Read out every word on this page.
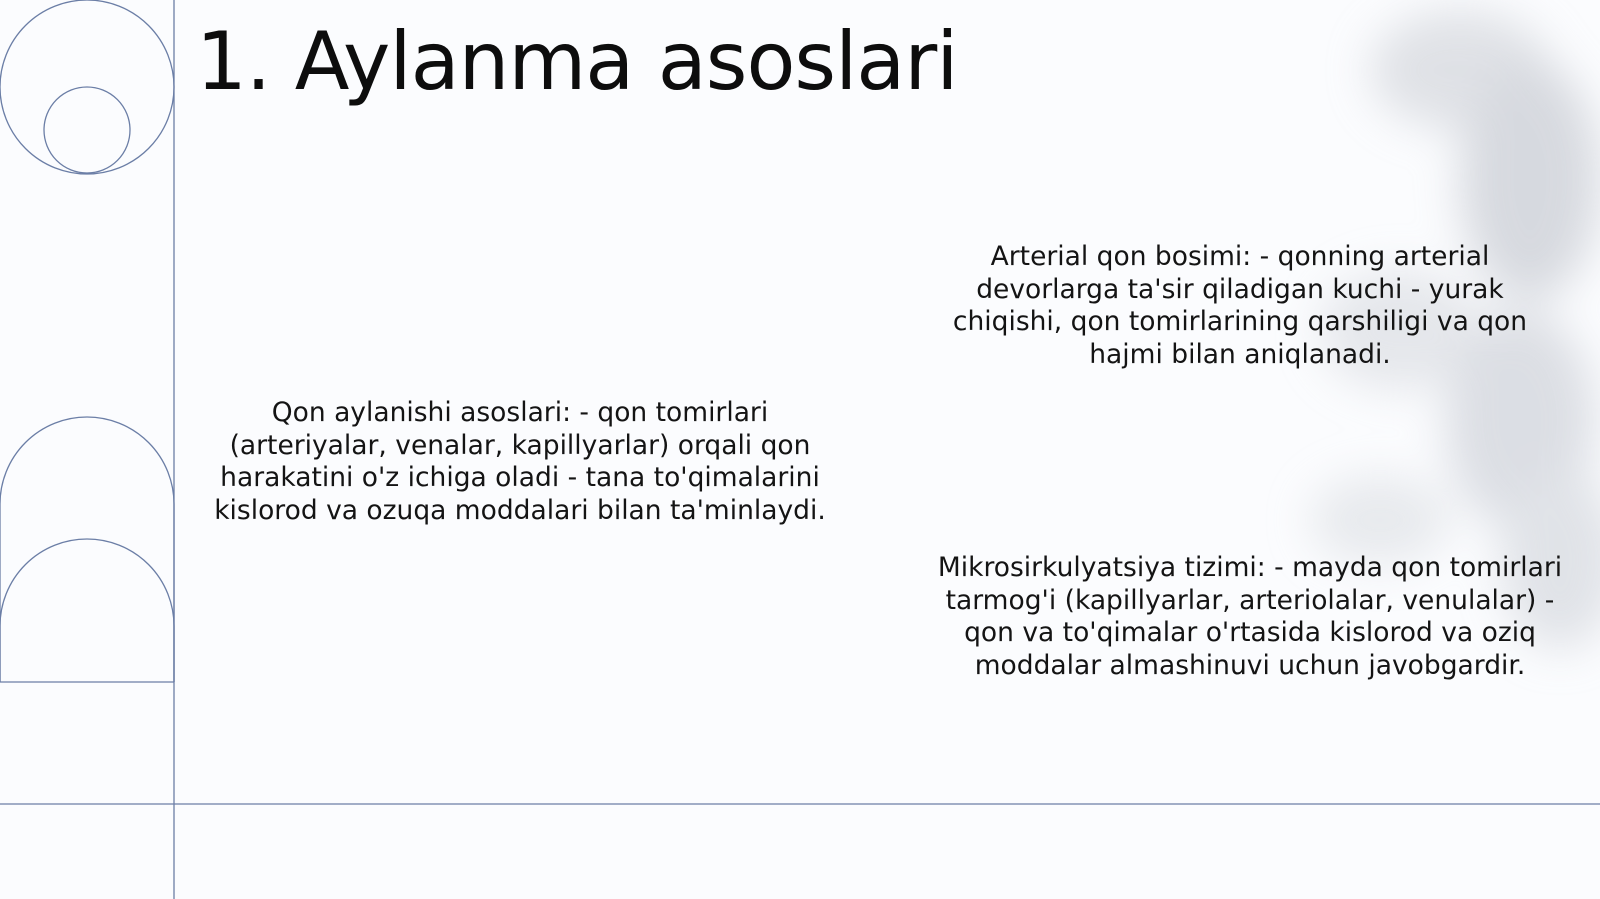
1. Aylanma asoslari

Arterial qon bosimi: - qonning arterial devorlarga ta'sir qiladigan kuchi - yurak chiqishi, qon tomirlarining qarshiligi va qon hajmi bilan aniqlanadi.

Qon aylanishi asoslari: - qon tomirlari (arteriyalar, venalar, kapillyarlar) orqali qon harakatini o'z ichiga oladi - tana to'qimalarini kislorod va ozuqa moddalari bilan ta'minlaydi.

Mikrosirkulyatsiya tizimi: - mayda qon tomirlari tarmog'i (kapillyarlar, arteriolalar, venulalar) - qon va to'qimalar o'rtasida kislorod va oziq moddalar almashinuvi uchun javobgardir.
